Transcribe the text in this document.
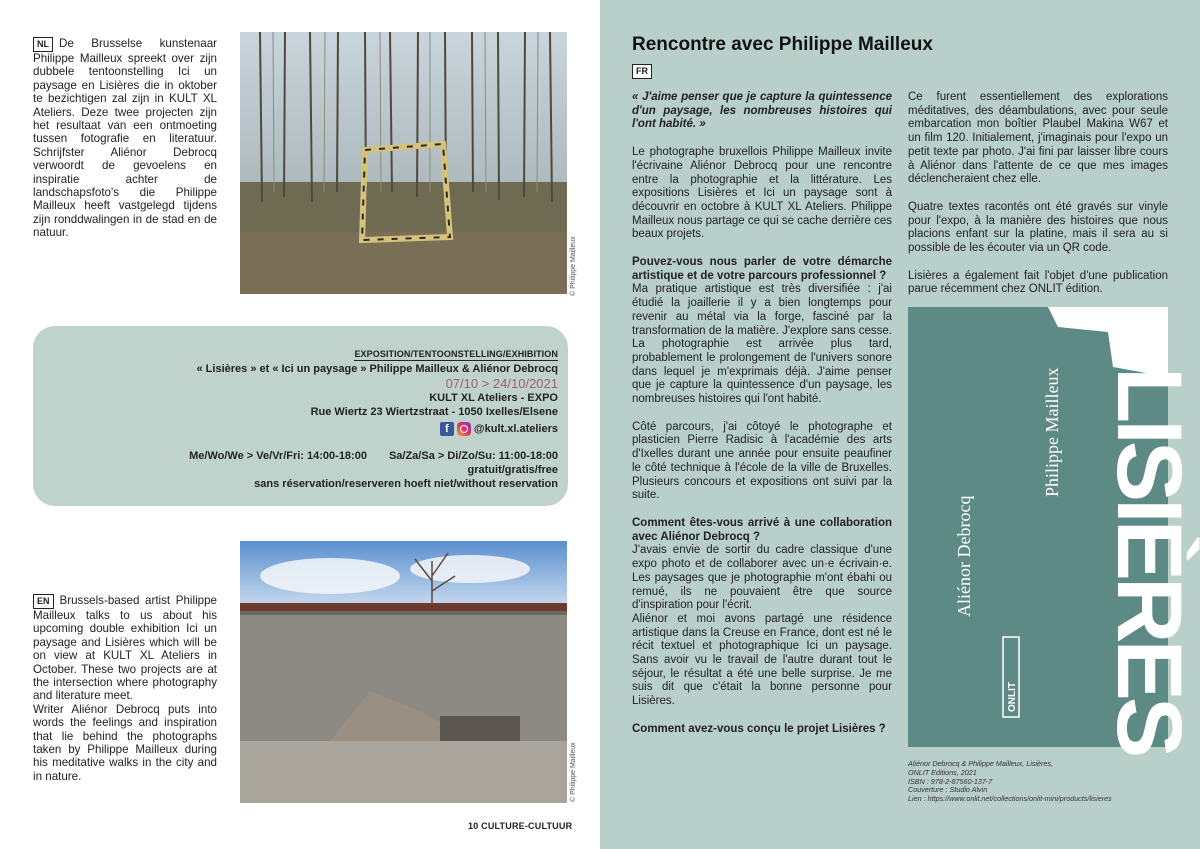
NL De Brusselse kunstenaar Philippe Mailleux spreekt over zijn dubbele tentoonstelling Ici un paysage en Lisières die in oktober te bezichtigen zal zijn in KULT XL Ateliers. Deze twee projecten zijn het resultaat van een ontmoeting tussen fotografie en literatuur. Schrijfster Aliénor Debrocq verwoordt de gevoelens en inspiratie achter de landschapsfoto's die Philippe Mailleux heeft vastgelegd tijdens zijn ronddwalingen in de stad en de natuur.
© Philippe Mailleux
EXPOSITION/TENTOONSTELLING/EXHIBITION
« Lisières » et « Ici un paysage » Philippe Mailleux & Aliénor Debrocq
07/10 > 24/10/2021
KULT XL Ateliers - EXPO
Rue Wiertz 23 Wiertzstraat - 1050 Ixelles/Elsene
f	@kult.xl.ateliers
Me/Wo/We > Ve/Vr/Fri: 14:00-18:00 Sa/Za/Sa > Di/Zo/Su: 11:00-18:00
gratuit/gratis/free
sans réservation/reserveren hoeft niet/without reservation
© Philippe Mailleux
EN Brussels-based artist Philippe Mailleux talks to us about his upcoming double exhibition Ici un paysage and Lisières which will be on view at KULT XL Ateliers in October. These two projects are at the intersection where photography and literature meet.
Writer Aliénor Debrocq puts into words the feelings and inspiration that lie behind the photographs taken by Philippe Mailleux during his meditative walks in the city and in nature.
10 CULTURE-CULTUUR
Rencontre avec Philippe Mailleux
FR

« J'aime penser que je capture la quintessence d'un paysage, les nombreuses histoires qui l'ont habité. »

Le photographe bruxellois Philippe Mailleux invite l'écrivaine Aliénor Debrocq pour une rencontre entre la photographie et la littérature. Les expositions Lisières et Ici un paysage sont à découvrir en octobre à KULT XL Ateliers. Philippe Mailleux nous partage ce qui se cache derrière ces beaux projets.

Pouvez-vous nous parler de votre démarche artistique et de votre parcours professionnel ?

Ma pratique artistique est très diversifiée : j'ai étudié la joaillerie il y a bien longtemps pour revenir au métal via la forge, fasciné par la transformation de la matière. J'explore sans cesse. La photographie est arrivée plus tard, probablement le prolongement de l'univers sonore dans lequel je m'exprimais déjà. J'aime penser que je capture la quintessence d'un paysage, les nombreuses histoires qui l'ont habité.

Côté parcours, j'ai côtoyé le photographe et plasticien Pierre Radisic à l'académie des arts d'Ixelles durant une année pour ensuite peaufiner le côté technique à l'école de la ville de Bruxelles. Plusieurs concours et expositions ont suivi par la suite.

Comment êtes-vous arrivé à une collaboration avec Aliénor Debrocq ?

J'avais envie de sortir du cadre classique d'une expo photo et de collaborer avec un·e écrivain·e. Les paysages que je photographie m'ont ébahi ou remué, ils ne pouvaient être que source d'inspiration pour l'écrit.

Aliénor et moi avons partagé une résidence artistique dans la Creuse en France, dont est né le récit textuel et photographique Ici un paysage. Sans avoir vu le travail de l'autre durant tout le séjour, le résultat a été une belle surprise. Je me suis dit que c'était la bonne personne pour Lisières.

Comment avez-vous conçu le projet Lisières ?

Ce furent essentiellement des explorations méditatives, des déambulations, avec pour seule embarcation mon boîtier Plaubel Makina W67 et un film 120. Initialement, j'imaginais pour l'expo un petit texte par photo. J'ai fini par laisser libre cours à Aliénor dans l'attente de ce que mes images déclencheraient chez elle.

Quatre textes racontés ont été gravés sur vinyle pour l'expo, à la manière des histoires que nous placions enfant sur la platine, mais il sera au si possible de les écouter via un QR code.

Lisières a également fait l'objet d'une publication parue récemment chez ONLIT édition.

LISIÈRES
Aliénor Debrocq
Philippe Mailleux
ONLIT
Aliénor Debrocq & Philippe Mailleux, Lisières,
ONLIT Editions, 2021
ISBN : 978-2-87560-137-7
Couverture : Studio Alvin
Lien : https://www.onlit.net/collections/onlit-mini/products/lisieres
